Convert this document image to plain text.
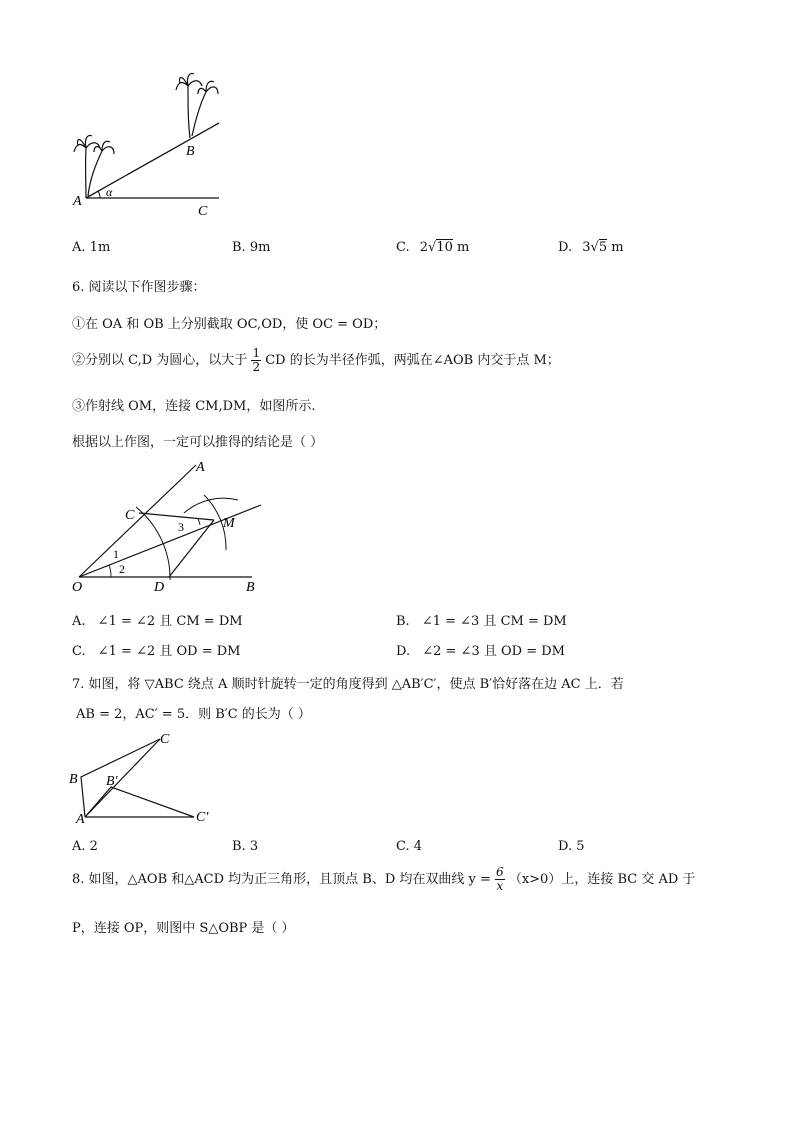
A
B
C
α
A. 1m	B. 9m	C. 2√10 m	D. 3√5 m
6. 阅读以下作图步骤：
①在 OA 和 OB 上分别截取 OC,OD，使 OC = OD；
②分别以 C,D 为圆心，以大于 $\frac{1}{2}$ CD 的长为半径作弧，两弧在∠AOB 内交于点 M；
③作射线 OM，连接 CM,DM，如图所示.
根据以上作图，一定可以推得的结论是（ ）
A
C
M
O	D	B
1
2
3
A. ∠1 = ∠2 且 CM = DM	B. ∠1 = ∠3 且 CM = DM
C. ∠1 = ∠2 且 OD = DM	D. ∠2 = ∠3 且 OD = DM
7. 如图，将 ▽ABC 绕点 A 顺时针旋转一定的角度得到 △AB′C′，使点 B′恰好落在边 AC 上．若
AB = 2，AC′ = 5．则 B′C 的长为（ ）
A
B
C
B′
C′
A. 2	B. 3	C. 4	D. 5
8. 如图，△AOB 和△ACD 均为正三角形，且顶点 B、D 均在双曲线 $y = \frac{6}{x} (x>0)$上，连接 BC 交 AD 于
P，连接 OP，则图中 S△OBP 是（ ）
